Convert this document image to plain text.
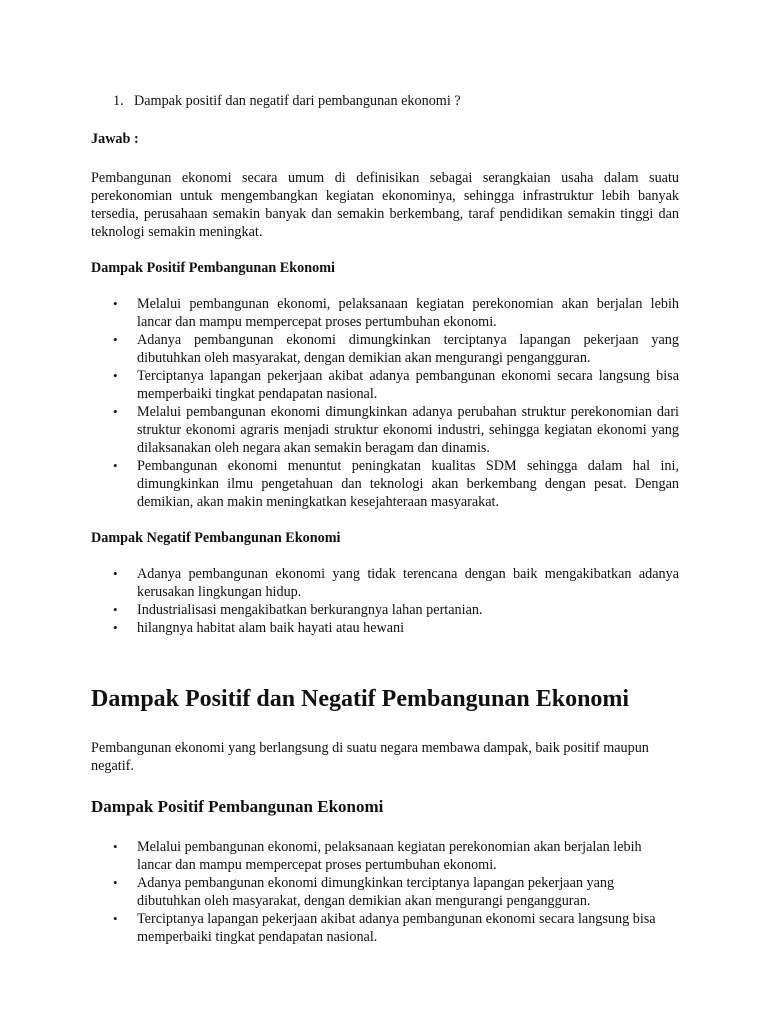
1. Dampak positif dan negatif dari pembangunan ekonomi ?

Jawab :

Pembangunan ekonomi secara umum di definisikan sebagai serangkaian usaha dalam suatu perekonomian untuk mengembangkan kegiatan ekonominya, sehingga infrastruktur lebih banyak tersedia, perusahaan semakin banyak dan semakin berkembang, taraf pendidikan semakin tinggi dan teknologi semakin meningkat.

Dampak Positif Pembangunan Ekonomi

• Melalui pembangunan ekonomi, pelaksanaan kegiatan perekonomian akan berjalan lebih lancar dan mampu mempercepat proses pertumbuhan ekonomi.
• Adanya pembangunan ekonomi dimungkinkan terciptanya lapangan pekerjaan yang dibutuhkan oleh masyarakat, dengan demikian akan mengurangi pengangguran.
• Terciptanya lapangan pekerjaan akibat adanya pembangunan ekonomi secara langsung bisa memperbaiki tingkat pendapatan nasional.
• Melalui pembangunan ekonomi dimungkinkan adanya perubahan struktur perekonomian dari struktur ekonomi agraris menjadi struktur ekonomi industri, sehingga kegiatan ekonomi yang dilaksanakan oleh negara akan semakin beragam dan dinamis.
• Pembangunan ekonomi menuntut peningkatan kualitas SDM sehingga dalam hal ini, dimungkinkan ilmu pengetahuan dan teknologi akan berkembang dengan pesat. Dengan demikian, akan makin meningkatkan kesejahteraan masyarakat.

Dampak Negatif Pembangunan Ekonomi

• Adanya pembangunan ekonomi yang tidak terencana dengan baik mengakibatkan adanya kerusakan lingkungan hidup.
• Industrialisasi mengakibatkan berkurangnya lahan pertanian.
• hilangnya habitat alam baik hayati atau hewani
Dampak Positif dan Negatif Pembangunan Ekonomi

Pembangunan ekonomi yang berlangsung di suatu negara membawa dampak, baik positif maupun negatif.

Dampak Positif Pembangunan Ekonomi
• Melalui pembangunan ekonomi, pelaksanaan kegiatan perekonomian akan berjalan lebih lancar dan mampu mempercepat proses pertumbuhan ekonomi.
• Adanya pembangunan ekonomi dimungkinkan terciptanya lapangan pekerjaan yang dibutuhkan oleh masyarakat, dengan demikian akan mengurangi pengangguran.
• Terciptanya lapangan pekerjaan akibat adanya pembangunan ekonomi secara langsung bisa memperbaiki tingkat pendapatan nasional.
